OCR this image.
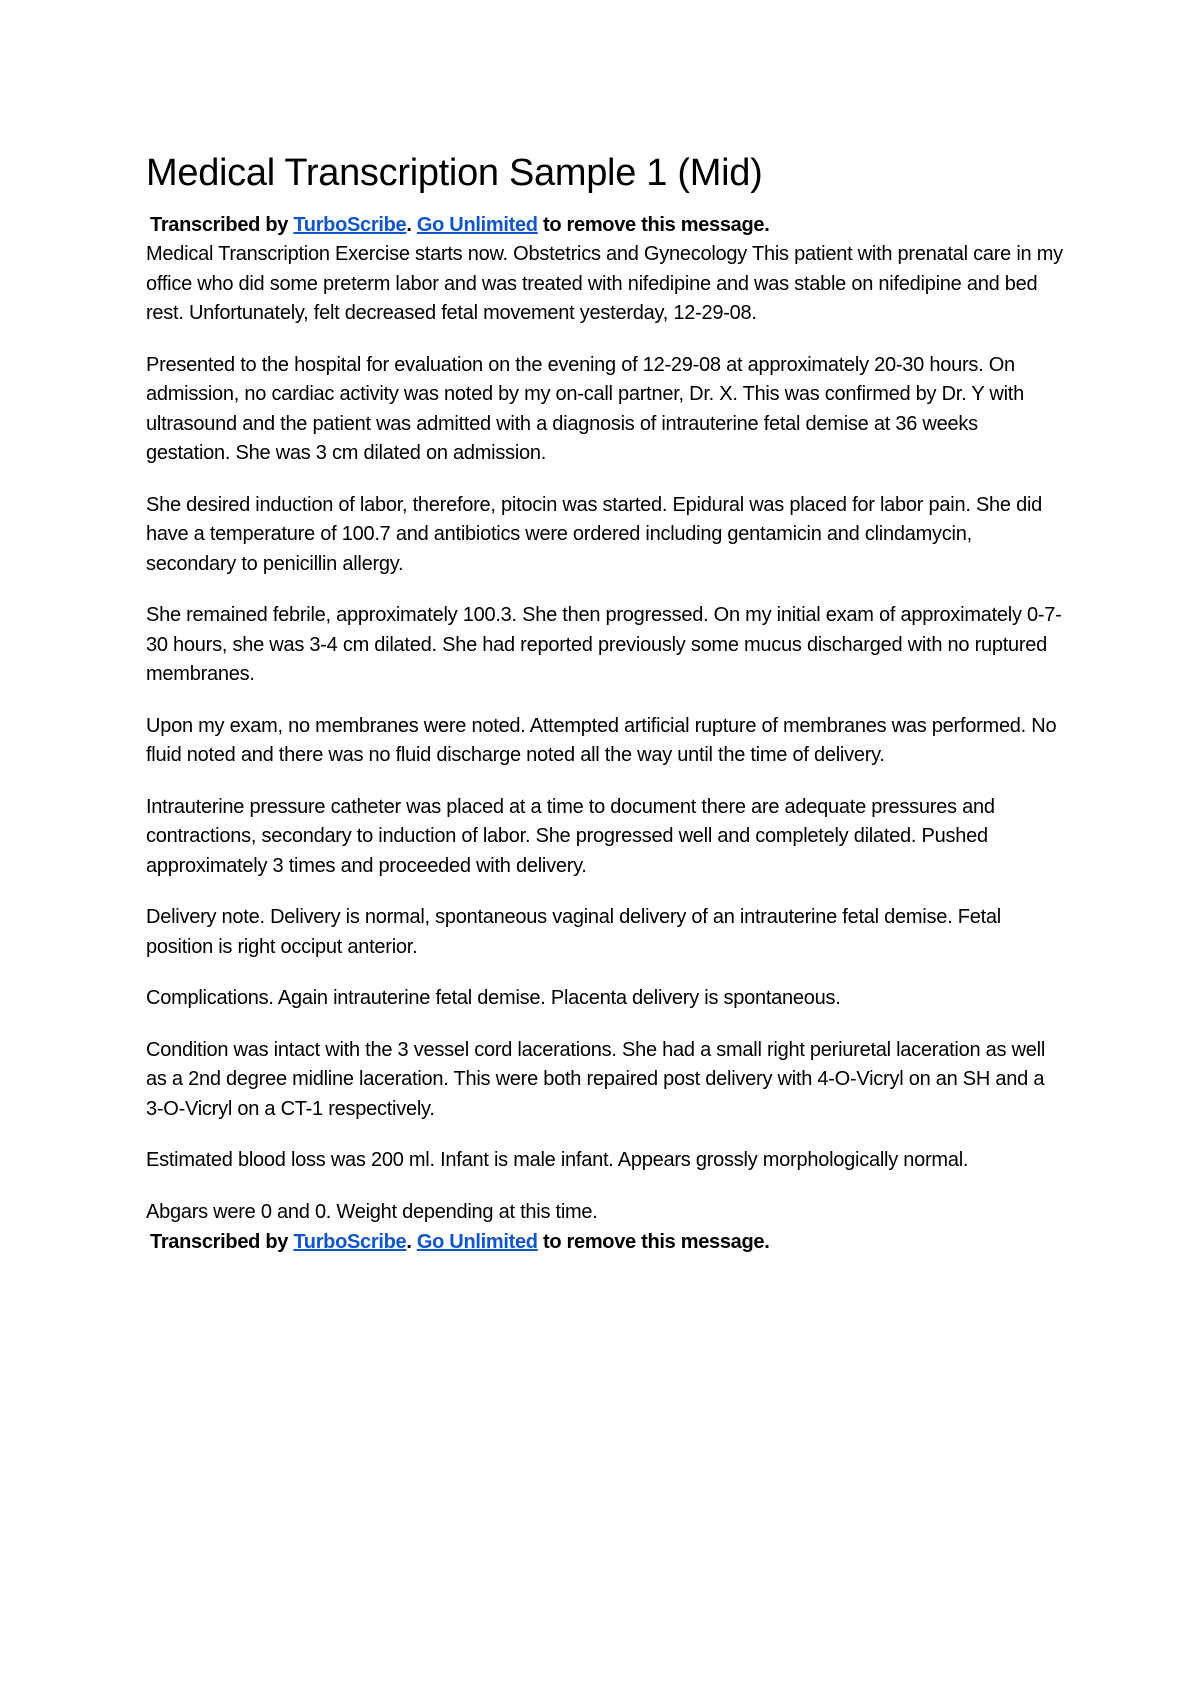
Medical Transcription Sample 1 (Mid)
Transcribed by TurboScribe. Go Unlimited to remove this message.

Medical Transcription Exercise starts now. Obstetrics and Gynecology This patient with prenatal care in my office who did some preterm labor and was treated with nifedipine and was stable on nifedipine and bed rest. Unfortunately, felt decreased fetal movement yesterday, 12-29-08.

Presented to the hospital for evaluation on the evening of 12-29-08 at approximately 20-30 hours. On admission, no cardiac activity was noted by my on-call partner, Dr. X. This was confirmed by Dr. Y with ultrasound and the patient was admitted with a diagnosis of intrauterine fetal demise at 36 weeks gestation. She was 3 cm dilated on admission.

She desired induction of labor, therefore, pitocin was started. Epidural was placed for labor pain. She did have a temperature of 100.7 and antibiotics were ordered including gentamicin and clindamycin, secondary to penicillin allergy.

She remained febrile, approximately 100.3. She then progressed. On my initial exam of approximately 0-7-30 hours, she was 3-4 cm dilated. She had reported previously some mucus discharged with no ruptured membranes.

Upon my exam, no membranes were noted. Attempted artificial rupture of membranes was performed. No fluid noted and there was no fluid discharge noted all the way until the time of delivery.

Intrauterine pressure catheter was placed at a time to document there are adequate pressures and contractions, secondary to induction of labor. She progressed well and completely dilated. Pushed approximately 3 times and proceeded with delivery.

Delivery note. Delivery is normal, spontaneous vaginal delivery of an intrauterine fetal demise. Fetal position is right occiput anterior.

Complications. Again intrauterine fetal demise. Placenta delivery is spontaneous.

Condition was intact with the 3 vessel cord lacerations. She had a small right periuretal laceration as well as a 2nd degree midline laceration. This were both repaired post delivery with 4-O-Vicryl on an SH and a 3-O-Vicryl on a CT-1 respectively.

Estimated blood loss was 200 ml. Infant is male infant. Appears grossly morphologically normal.

Abgars were 0 and 0. Weight depending at this time.

Transcribed by TurboScribe. Go Unlimited to remove this message.
